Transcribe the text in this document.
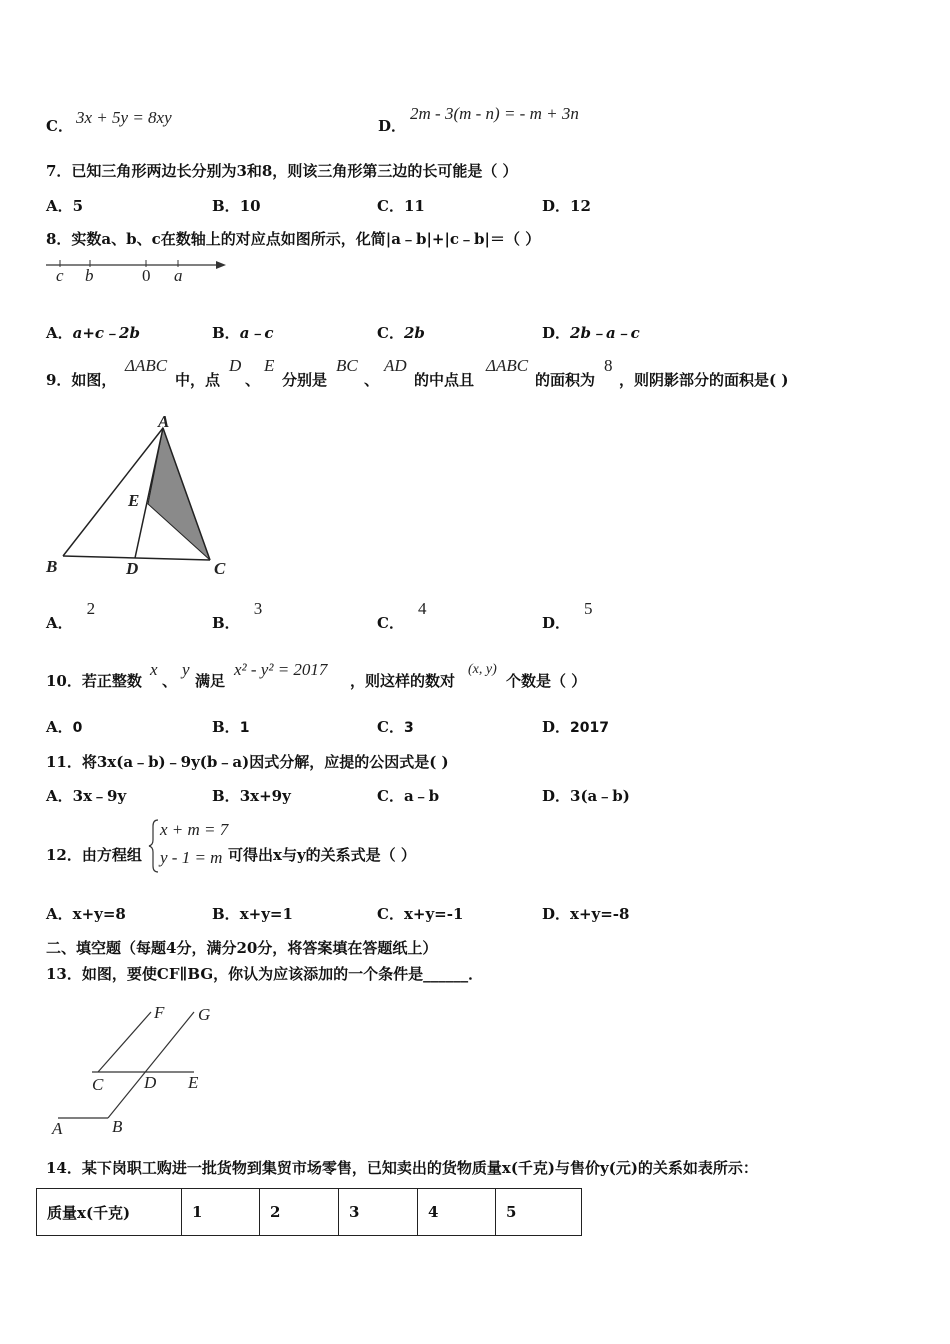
C． 3x + 5y = 8xy	D．
2m - 3(m - n) = - m + 3n
7．已知三角形两边长分别为3和8，则该三角形第三边的长可能是（ ）
A．5	B．10	C．11	D．12
8．实数a、b、c在数轴上的对应点如图所示，化简|a﹣b|+|c﹣b|＝（ ）
c b	0 a
A．a+c﹣2b	B．a﹣c	C．2b	D．2b﹣a﹣c
9．如图，
ΔABC
中，点
D
、
E
分别是
BC
、
AD
的中点且
ΔABC
的面积为
8
，则阴影部分的面积是( )
A
E
B	D	C
A．2
B．3
C．4
D．5
10．若正整数
x
、
y
满足
x² - y² = 2017
，则这样的数对
(x, y)
个数是（ ）
A．0	B．1	C．3	D．2017
11．将3x(a﹣b)﹣9y(b﹣a)因式分解，应提的公因式是( )
A．3x﹣9y	B．3x+9y	C．a﹣b	D．3(a﹣b)
12．由方程组
x + m = 7
y - 1 = m 可得出x与y的关系式是（ ）
A．x+y=8	B．x+y=1	C．x+y=-1	D．x+y=-8
二、填空题（每题4分，满分20分，将答案填在答题纸上）
13．如图，要使CF∥BG，你认为应该添加的一个条件是______．
F G
C D E
A	B
14．某下岗职工购进一批货物到集贸市场零售，已知卖出的货物质量x(千克)与售价y(元)的关系如表所示：
质量x(千克)	1	2	3	4	5
